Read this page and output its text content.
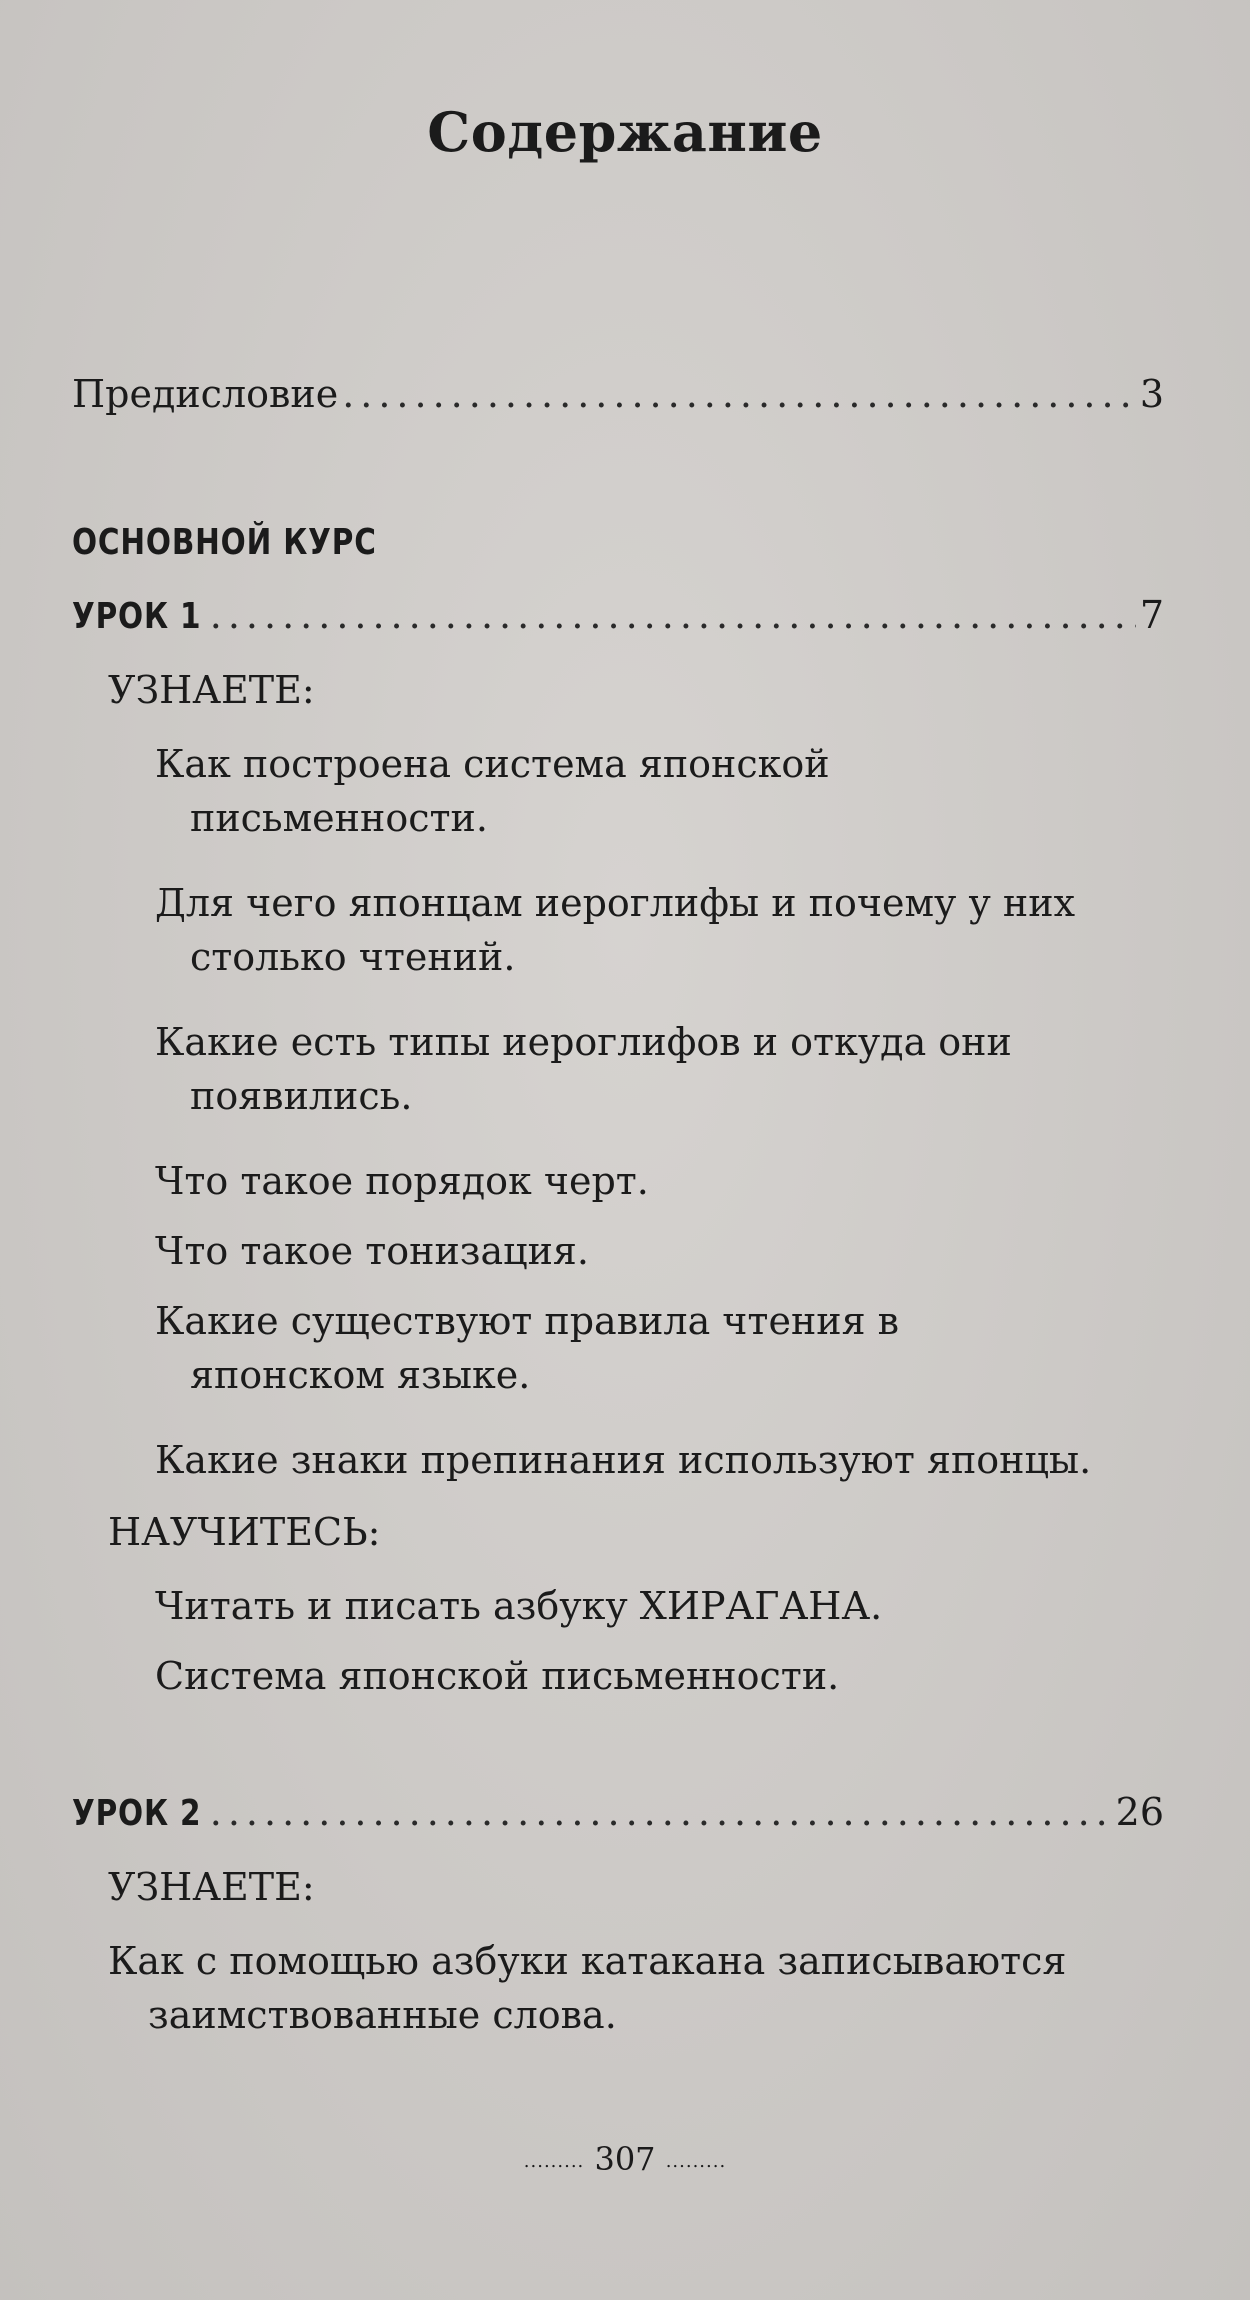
Содержание
Предисловие .....	3
ОСНОВНОЙ КУРС
УРОК 1 .....	7
УЗНАЕТЕ:
Как построена система японской
письменности.
Для чего японцам иероглифы и почему у них
столько чтений.
Какие есть типы иероглифов и откуда они
появились.
Что такое порядок черт.
Что такое тонизация.
Какие существуют правила чтения в
японском языке.
Какие знаки препинания используют японцы.
НАУЧИТЕСЬ:
Читать и писать азбуку ХИРАГАНА.
Система японской письменности.
УРОК 2 .....	26
УЗНАЕТЕ:
Как с помощью азбуки катакана записываются
заимствованные слова.
......... 307 .........
